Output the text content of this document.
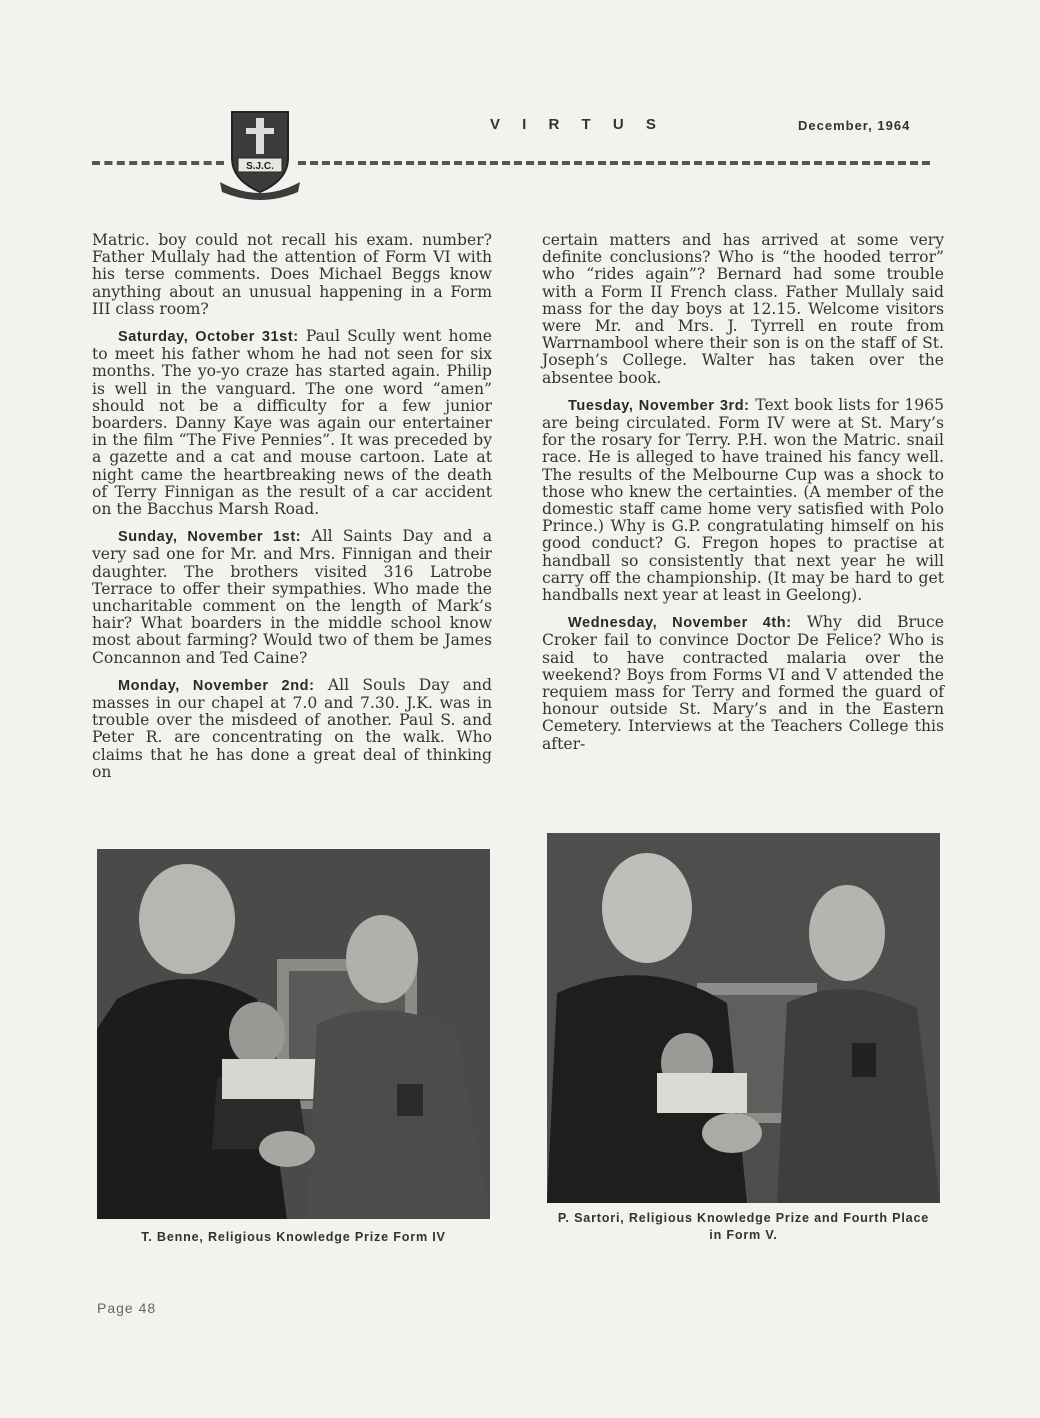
S.J.C.
V I R T U S	December, 1964

Matric. boy could not recall his exam. number? Father Mullaly had the attention of Form VI with his terse comments. Does Michael Beggs know anything about an unusual happening in a Form III class room?

Saturday, October 31st: Paul Scully went home to meet his father whom he had not seen for six months. The yo-yo craze has started again. Philip is well in the vanguard. The one word “amen” should not be a difficulty for a few junior boarders. Danny Kaye was again our entertainer in the film “The Five Pennies”. It was preceded by a gazette and a cat and mouse cartoon. Late at night came the heartbreaking news of the death of Terry Finnigan as the result of a car accident on the Bacchus Marsh Road.

Sunday, November 1st: All Saints Day and a very sad one for Mr. and Mrs. Finnigan and their daughter. The brothers visited 316 Latrobe Terrace to offer their sympathies. Who made the uncharitable comment on the length of Mark’s hair? What boarders in the middle school know most about farming? Would two of them be James Concannon and Ted Caine?

Monday, November 2nd: All Souls Day and masses in our chapel at 7.0 and 7.30. J.K. was in trouble over the misdeed of another. Paul S. and Peter R. are concentrating on the walk. Who claims that he has done a great deal of thinking on

certain matters and has arrived at some very definite conclusions? Who is “the hooded terror” who “rides again”? Bernard had some trouble with a Form II French class. Father Mullaly said mass for the day boys at 12.15. Welcome visitors were Mr. and Mrs. J. Tyrrell en route from Warrnambool where their son is on the staff of St. Joseph’s College. Walter has taken over the absentee book.

Tuesday, November 3rd: Text book lists for 1965 are being circulated. Form IV were at St. Mary’s for the rosary for Terry. P.H. won the Matric. snail race. He is alleged to have trained his fancy well. The results of the Melbourne Cup was a shock to those who knew the certainties. (A member of the domestic staff came home very satisfied with Polo Prince.) Why is G.P. congratulating himself on his good conduct? G. Fregon hopes to practise at handball so consistently that next year he will carry off the championship. (It may be hard to get handballs next year at least in Geelong).

Wednesday, November 4th: Why did Bruce Croker fail to convince Doctor De Felice? Who is said to have contracted malaria over the weekend? Boys from Forms VI and V attended the requiem mass for Terry and formed the guard of honour outside St. Mary’s and in the Eastern Cemetery. Interviews at the Teachers College this after-

T. Benne, Religious Knowledge Prize Form IV
P. Sartori, Religious Knowledge Prize and Fourth Place
in Form V.
Page 48
